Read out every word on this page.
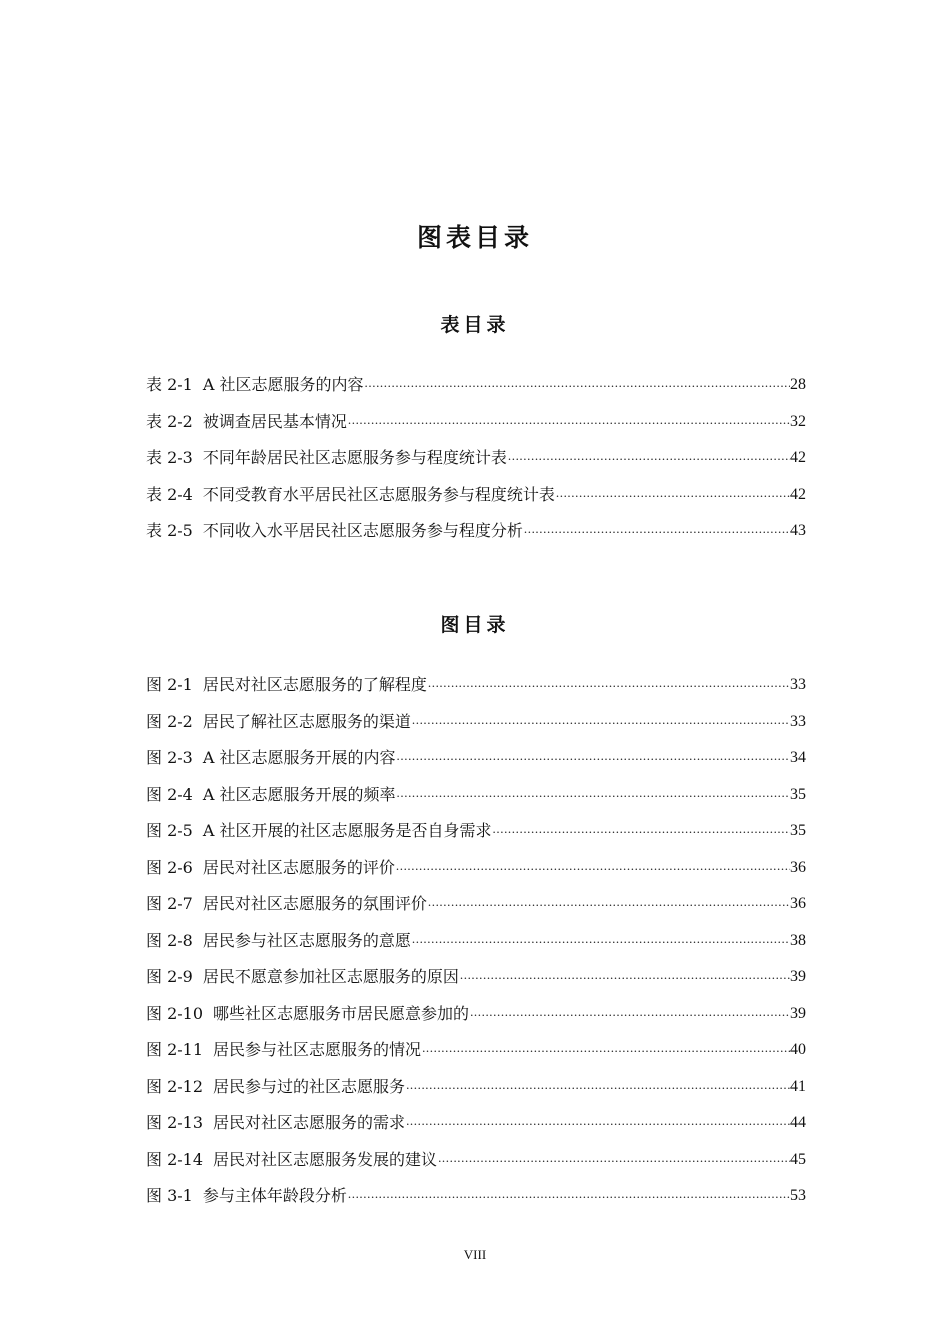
图表目录
表目录
表 2-1 A 社区志愿服务的内容 .....	28
表 2-2 被调查居民基本情况 .....	32
表 2-3 不同年龄居民社区志愿服务参与程度统计表 .....	42
表 2-4 不同受教育水平居民社区志愿服务参与程度统计表 .....	42
表 2-5 不同收入水平居民社区志愿服务参与程度分析 .....	43
图目录
图 2-1 居民对社区志愿服务的了解程度 .....	33
图 2-2 居民了解社区志愿服务的渠道 .....	33
图 2-3 A 社区志愿服务开展的内容 .....	34
图 2-4 A 社区志愿服务开展的频率 .....	35
图 2-5 A 社区开展的社区志愿服务是否自身需求 .....	35
图 2-6 居民对社区志愿服务的评价 .....	36
图 2-7 居民对社区志愿服务的氛围评价 .....	36
图 2-8 居民参与社区志愿服务的意愿 .....	38
图 2-9 居民不愿意参加社区志愿服务的原因 .....	39
图 2-10 哪些社区志愿服务市居民愿意参加的 .....	39
图 2-11 居民参与社区志愿服务的情况 .....	40
图 2-12 居民参与过的社区志愿服务 .....	41
图 2-13 居民对社区志愿服务的需求 .....	44
图 2-14 居民对社区志愿服务发展的建议 .....	45
图 3-1 参与主体年龄段分析 .....	53
VIII
